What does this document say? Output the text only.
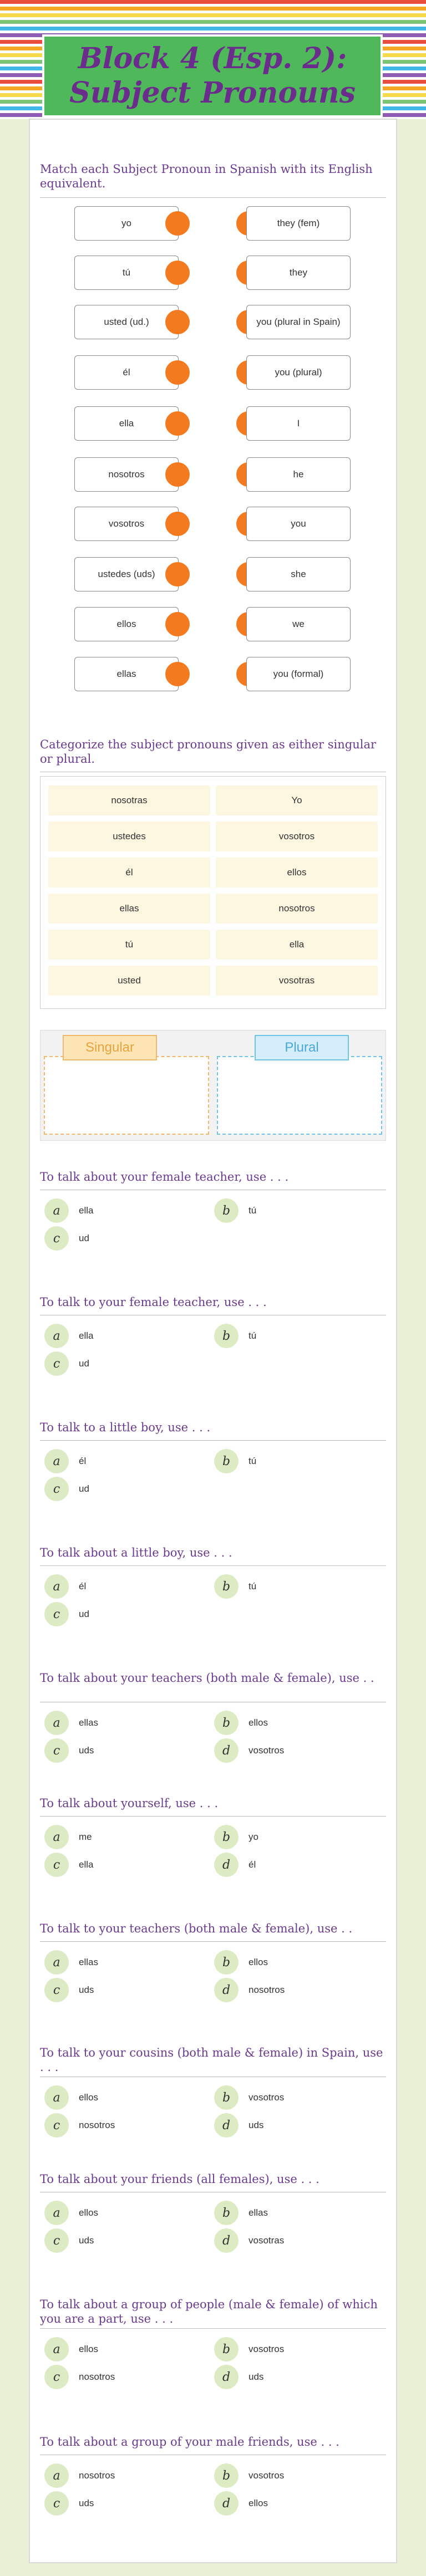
Block 4 (Esp. 2): Subject Pronouns
Match each Subject Pronoun in Spanish with its English equivalent.
yo	they (fem)
tú	they
usted (ud.)	you (plural in Spain)
él	you (plural)
ella	I
nosotros	he
vosotros	you
ustedes (uds)	she
ellos	we
ellas	you (formal)
Categorize the subject pronouns given as either singular or plural.
nosotras	Yo
ustedes	vosotros
él	ellos
ellas	nosotros
tú	ella
usted	vosotras
Singular	Plural
To talk about your female teacher, use . . .
a	ella	b	tú
c	ud
To talk to your female teacher, use . . .
a	ella	b	tú
c	ud
To talk to a little boy, use . . .
a	él	b	tú
c	ud
To talk about a little boy, use . . .
a	él	b	tú
c	ud
To talk about your teachers (both male & female), use . .
a	ellas	b	ellos
c	uds	d	vosotros
To talk about yourself, use . . .
a	me	b	yo
c	ella	d	él
To talk to your teachers (both male & female), use . .
a	ellas	b	ellos
c	uds	d	nosotros
To talk to your cousins (both male & female) in Spain, use . . .
a	ellos	b	vosotros
c	nosotros	d	uds
To talk about your friends (all females), use . . .
a	ellos	b	ellas
c	uds	d	vosotras
To talk about a group of people (male & female) of which you are a part, use . . .
a	ellos	b	vosotros
c	nosotros	d	uds
To talk about a group of your male friends, use . . .
a	nosotros	b	vosotros
c	uds	d	ellos
